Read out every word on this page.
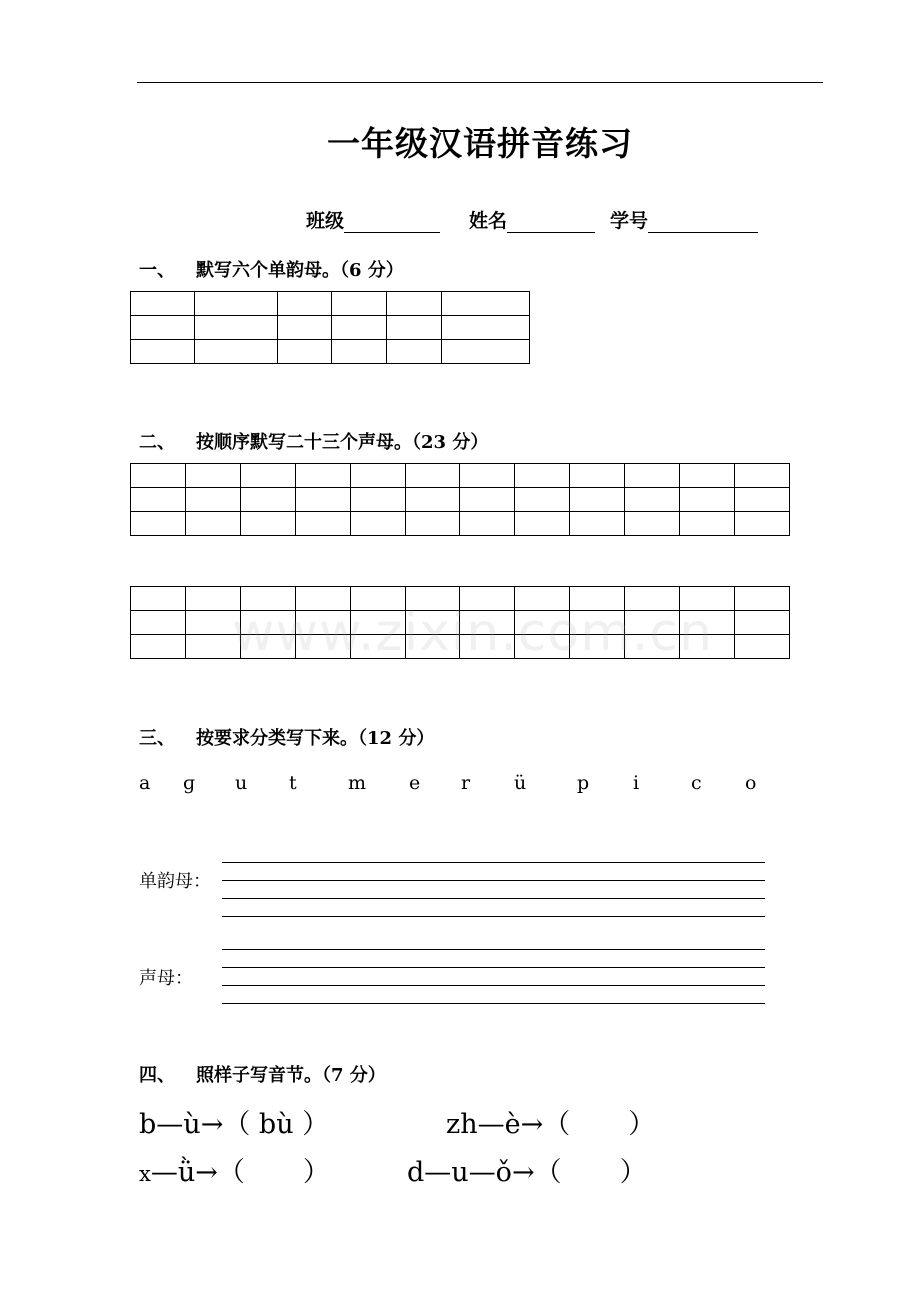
一年级汉语拼音练习
班级	姓名	学号
一、 默写六个单韵母。（6 分）

二、 按顺序默写二十三个声母。（23 分）

www.zixin.com.cn
三、 按要求分类写下来。（12 分）
a ɡ u t	m e r ü	p i	c o
单韵母：
声母：
四、 照样子写音节。（7 分）
b—ù→（ bù ）	zh—è→（ ）
x—ǜ→（ ）	d—u—ǒ→（ ）
